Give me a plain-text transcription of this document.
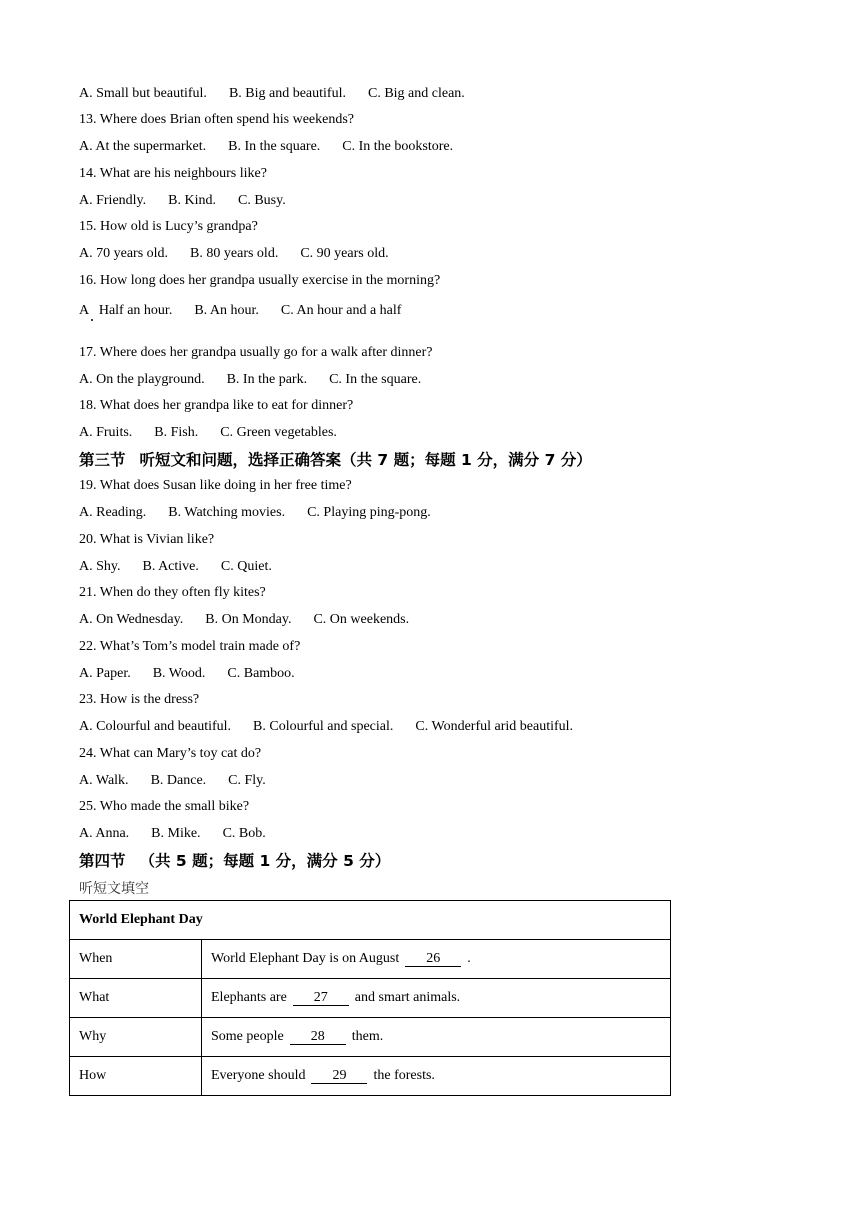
A. Small but beautiful. B. Big and beautiful. C. Big and clean.
13. Where does Brian often spend his weekends?
A. At the supermarket. B. In the square. C. In the bookstore.
14. What are his neighbours like?
A. Friendly. B. Kind. C. Busy.
15. How old is Lucy’s grandpa?
A. 70 years old. B. 80 years old. C. 90 years old.
16. How long does her grandpa usually exercise in the morning?
A   Half an hour. B. An hour. C. An hour and a half
17. Where does her grandpa usually go for a walk after dinner?
A. On the playground. B. In the park. C. In the square.
18. What does her grandpa like to eat for dinner?
A. Fruits. B. Fish. C. Green vegetables.
第三节 听短文和问题，选择正确答案（共 7 题；每题 1 分，满分 7 分）
19. What does Susan like doing in her free time?
A. Reading. B. Watching movies. C. Playing ping-pong.
20. What is Vivian like?
A. Shy. B. Active. C. Quiet.
21. When do they often fly kites?
A. On Wednesday. B. On Monday. C. On weekends.
22. What’s Tom’s model train made of?
A. Paper. B. Wood. C. Bamboo.
23. How is the dress?
A. Colourful and beautiful. B. Colourful and special. C. Wonderful arid beautiful.
24. What can Mary’s toy cat do?
A. Walk. B. Dance. C. Fly.
25. Who made the small bike?
A. Anna. B. Mike. C. Bob.
第四节 （共 5 题；每题 1 分，满分 5 分）
听短文填空
World Elephant Day	
When	World Elephant Day is on August 26 .
What	Elephants are 27 and smart animals.
Why	Some people 28 them.
How	Everyone should 29 the forests.
